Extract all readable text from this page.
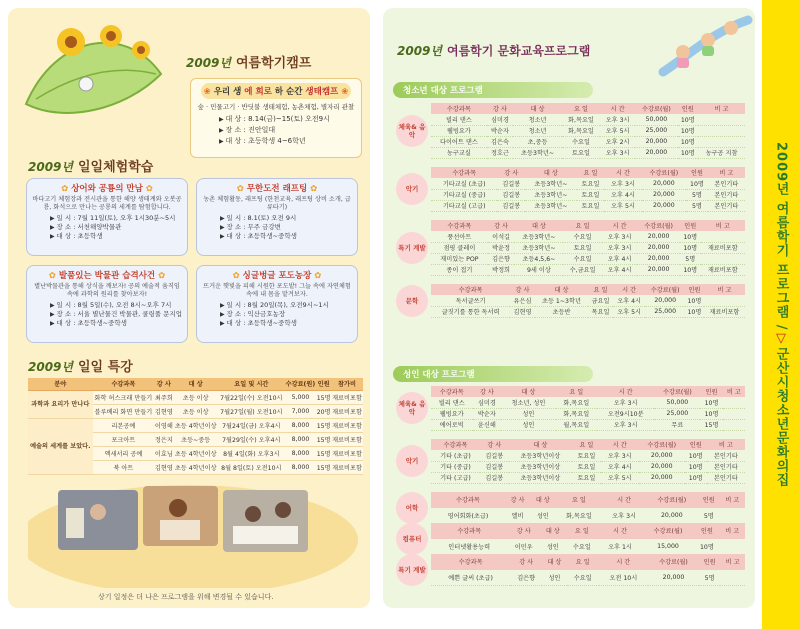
2009년 여름학기캠프
❀ 우리 생 에 희로 하 순간 생태캠프 ❀
숲 · 민물고기 · 반딧불 생태체험, 농촌체험, 별자리 관찰
▶ 대 상 : 8.14(금)~15(토) 오전9시
▶ 장 소 : 진안일대
▶ 대 상 : 초등학생 4~6학년
2009년 일일체험학습
✿ 상어와 공룡의 만남 ✿
바다고기 체험장과 전시관을 통한 해양 생태계와 오봇공룡, 화석으로 만나는 공룡의 세계를 탐험합니다.
▶ 일 시 : 7월 11일(토), 오후 1시30분~5시
▶ 장 소 : 서천해양박물관
▶ 대 상 : 초등학생
✿ 무한도전 래프팅 ✿
농촌 체험활동, 래프팅 (한천교육, 래프팅 상비 소개, 급류타기)
▶ 일 시 : 8.1(토) 오전 9시
▶ 장 소 : 무주 금강변
▶ 대 상 : 초등학생~중학생
✿ 발품있는 박물관 습격사건 ✿
별난박물관을 통해 상식을 깨보자! 공의 예술적 움직임 속에 과학의 원리를 찾아보자!
▶ 일 시 : 8월 5일(수), 오전 8시~오후 7시
▶ 장 소 : 서울 별난물건 박물관, 쿨링풀 문지업
▶ 대 상 : 초등학생~중학생
✿ 싱글벙글 포도농장 ✿
뜨거운 햇빛을 피해 시원한 포도밭! 그늘 속에 자연체험 속에 내 몸을 맡겨보자.
▶ 일 시 : 8월 20일(목), 오전9시~1시
▶ 장 소 : 익산금호농장
▶ 대 상 : 초등학생~중학생
2009년 일일 특강
분야	수강과목	강 사	대 상	요일 및 시간	수강료(원)	인원	참가비
과학과 요리가 만나다	화학 허스크래 만들기	최주희	초등 이상	7월22일(수) 오전10시	5,000	15명	재료비포함
	블루베리 화면 만들기	김현영	초등 이상	7월27일(월) 오전10시	7,000	20명	재료비포함
예술의 세계를 보았다.	리본공예	이영해	초등 4학년이상	7월24일(금) 오후4시	8,000	15명	재료비포함
	포크아트	정은지	초등~중등	7월29일(수) 오후4시	8,000	15명	재료비포함
	액세서리 공예	이효님	초등 4학년이상	8월 4일(화) 오후3시	8,000	15명	재료비포함
	북 아트	김현영	초등 4학년이상	8월 8일(토) 오전10시	8,000	15명	재료비포함
상기 일정은 더 나은 프로그램을 위해 변경될 수 있습니다.
2009년 여름학기 문화교육프로그램
청소년 대상 프로그램
체육& 음악
수강과목	강 사	대 상	요 일	시 간	수강료(월)	인원	비 고
빌리 댄스	심미경	청소년	화,목요일	오후 3시	50,000	10명	
웰빙요가	박순자	청소년	화,목요일	오후 5시	25,000	10명	
다이어트 댄스	김은숙	초,중등	수요일	오후 2시	20,000	10명	
농구교실	정호근	초등3학년~	토요일	오후 3시	20,000	10명	농구공 지참
악기
수강과목	강 사	대 상	요 일	시 간	수강료(월)	인원	비 고
기타교실 (초급)	김길봉	초등3학년~	토요일	오후 3시	20,000	10명	본인기타
기타교실 (중급)	김길봉	초등3학년~	토요일	오후 4시	20,000	5명	본인기타
기타교실 (고급)	김길봉	초등3학년~	토요일	오후 5시	20,000	5명	본인기타
특기 계발
수강과목	강 사	대 상	요 일	시 간	수강료(월)	인원	비 고
풍선아트	이석길	초등3학년~	수요일	오후 3시	20,000	10명	
점핑 클레이	박윤정	초등3학년~	토요일	오후 3시	20,000	10명	재료비포함
재미있는 POP	김은향	초등4,5,6~	수요일	오후 4시	20,000	5명	
종이 접기	박정희	9세 이상	수,금요일	오후 4시	20,000	10명	재료비포함
문학
수강과목	강 사	대 상	요 일	시 간	수강료(월)	인원	비 고
독서글쓰기	유은심	초등 1~3학년	금요일	오후 4시	20,000	10명	
글짓기를 통한 독서력	김현영	초등반	목요일	오후 5시	25,000	10명	재료비포함
성인 대상 프로그램
체육& 음악
수강과목	강 사	대 상	요 일	시 간	수강료(월)	인원	비 고
빌리 댄스	심미경	청소년, 성인	화,목요일	오후 3시	50,000	10명	
웰빙요가	박순자	성인	화,목요일	오전9시10분	25,000	10명	
에어로빅	윤신해	성인	월,목요일	오후 3시	무료	15명	
악기
수강과목	강 사	대 상	요 일	시 간	수강료(월)	인원	비 고
기타 (초급)	김길봉	초등3학년이상	토요일	오후 3시	20,000	10명	본인기타
기타 (중급)	김길봉	초등3학년이상	토요일	오후 4시	20,000	10명	본인기타
기타 (고급)	김길봉	초등3학년이상	토요일	오후 5시	20,000	10명	본인기타
어학
수강과목	강 사	대 상	요 일	시 간	수강료(월)	인원	비 고
영어회화(초급)	엘비	성인	화,목요일	오후 3시	20,000	5명	
컴퓨터
수강과목	강 사	대 상	요 일	시 간	수강료(월)	인원	비 고
인터넷활용능력	이민우	성인	수요일	오후 1시	15,000	10명	
특기 계발
수강과목	강 사	대 상	요 일	시 간	수강료(월)	인원	비 고
예쁜 글씨 (초급)	김은향	성인	수요일	오전 10시	20,000	5명	
2009년 여름학기 프로그램 /
▽
군산시청소년문화의집
